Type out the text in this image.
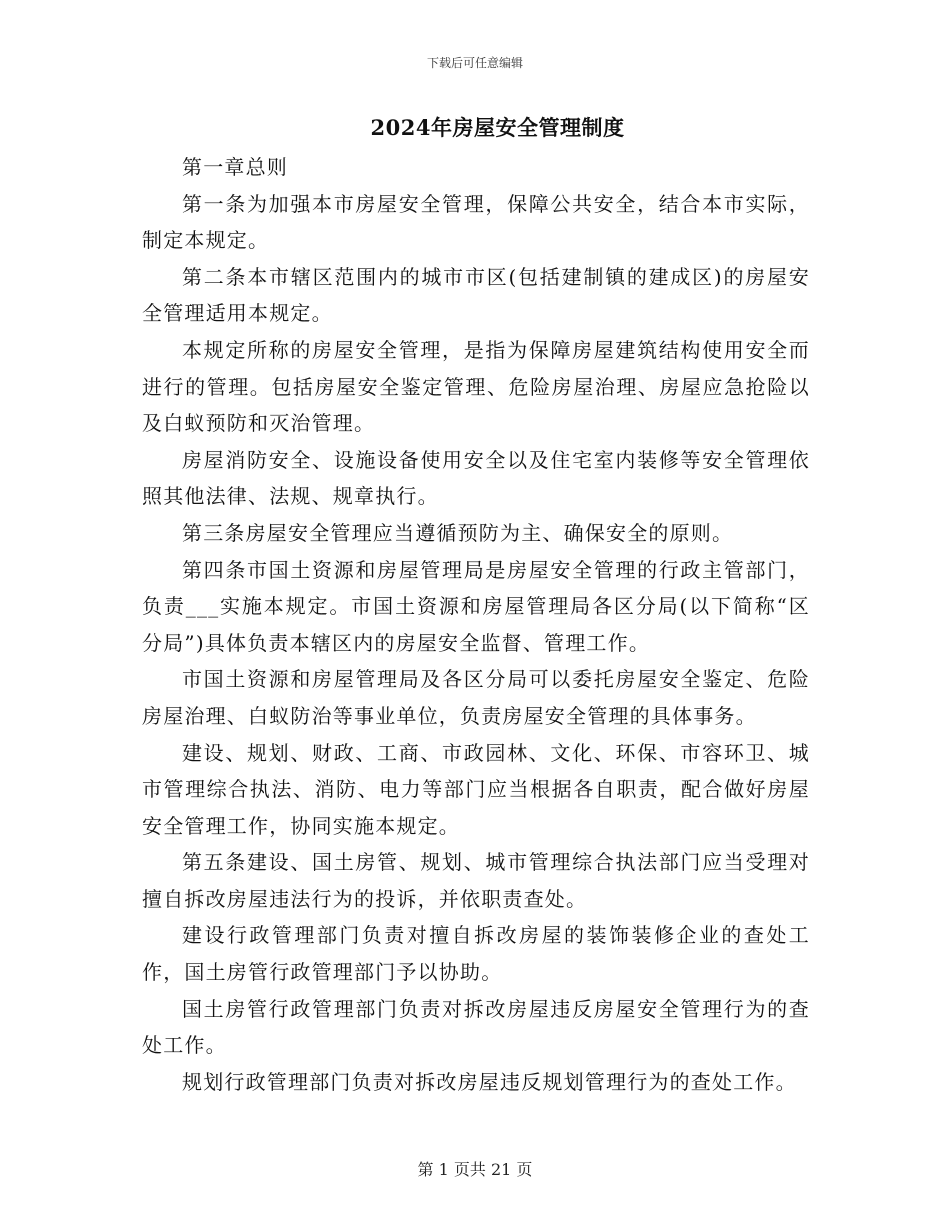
下载后可任意编辑
2024年房屋安全管理制度

第一章总则

第一条为加强本市房屋安全管理，保障公共安全，结合本市实际，制定本规定。

第二条本市辖区范围内的城市市区(包括建制镇的建成区)的房屋安全管理适用本规定。

本规定所称的房屋安全管理，是指为保障房屋建筑结构使用安全而进行的管理。包括房屋安全鉴定管理、危险房屋治理、房屋应急抢险以及白蚁预防和灭治管理。

房屋消防安全、设施设备使用安全以及住宅室内装修等安全管理依照其他法律、法规、规章执行。

第三条房屋安全管理应当遵循预防为主、确保安全的原则。

第四条市国土资源和房屋管理局是房屋安全管理的行政主管部门，负责___实施本规定。市国土资源和房屋管理局各区分局(以下简称“区分局”)具体负责本辖区内的房屋安全监督、管理工作。

市国土资源和房屋管理局及各区分局可以委托房屋安全鉴定、危险房屋治理、白蚁防治等事业单位，负责房屋安全管理的具体事务。

建设、规划、财政、工商、市政园林、文化、环保、市容环卫、城市管理综合执法、消防、电力等部门应当根据各自职责，配合做好房屋安全管理工作，协同实施本规定。

第五条建设、国土房管、规划、城市管理综合执法部门应当受理对擅自拆改房屋违法行为的投诉，并依职责查处。

建设行政管理部门负责对擅自拆改房屋的装饰装修企业的查处工作，国土房管行政管理部门予以协助。

国土房管行政管理部门负责对拆改房屋违反房屋安全管理行为的查处工作。

规划行政管理部门负责对拆改房屋违反规划管理行为的查处工作。

第 1 页共 21 页
